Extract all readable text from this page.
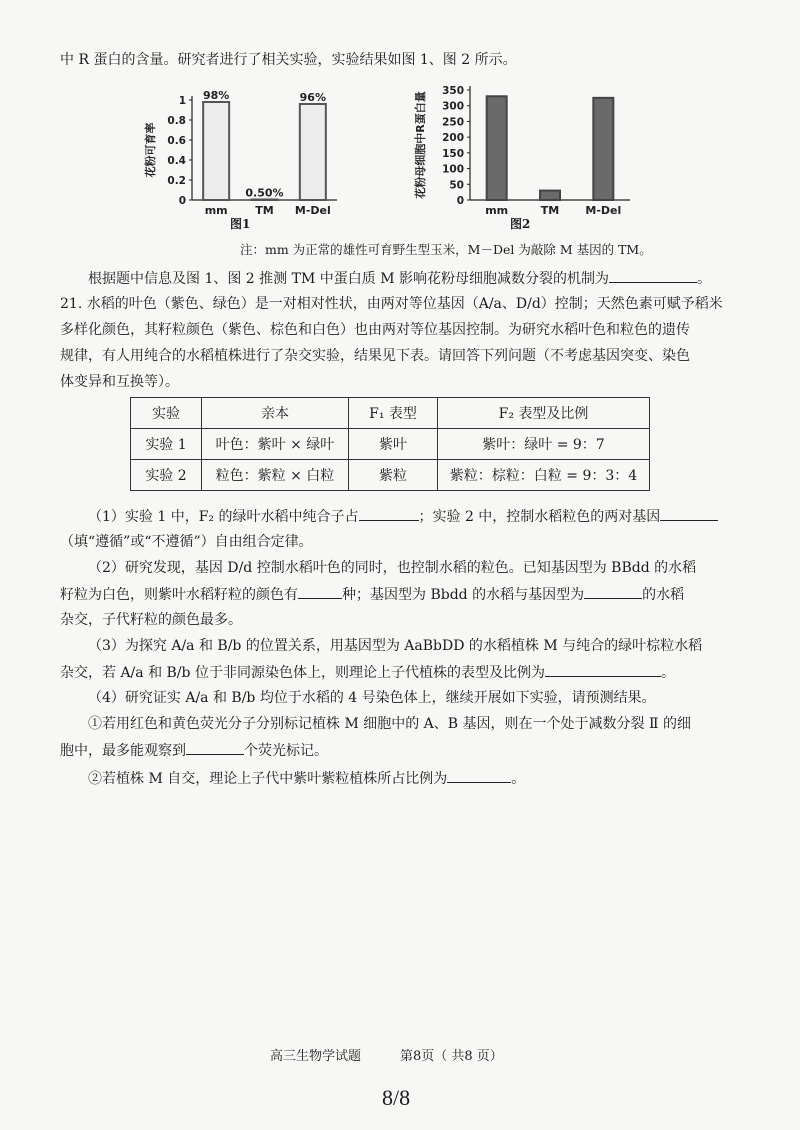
中 R 蛋白的含量。研究者进行了相关实验，实验结果如图 1、图 2 所示。
花粉可育率
0
0.2
0.4
0.6
0.8
1
mm
98%
TM
0.50%
M-Del
96%
图1
花粉母细胞中R蛋白量
0
50
100
150
200
250
300
350
mm	TM M-Del
图2
注：mm 为正常的雄性可育野生型玉米，M－Del 为敲除 M 基因的 TM。
根据题中信息及图 1、图 2 推测 TM 中蛋白质 M 影响花粉母细胞减数分裂的机制为	。
21. 水稻的叶色（紫色、绿色）是一对相对性状，由两对等位基因（A/a、D/d）控制；天然色素可赋予稻米
多样化颜色，其籽粒颜色（紫色、棕色和白色）也由两对等位基因控制。为研究水稻叶色和粒色的遗传
规律，有人用纯合的水稻植株进行了杂交实验，结果见下表。请回答下列问题（不考虑基因突变、染色
体变异和互换等）。
实验	亲本	F₁ 表型	F₂ 表型及比例
实验 1	叶色：紫叶 × 绿叶	紫叶	紫叶：绿叶 = 9：7
实验 2	粒色：紫粒 × 白粒	紫粒	紫粒：棕粒：白粒 = 9：3：4
（1）实验 1 中，F₂ 的绿叶水稻中纯合子占	；实验 2 中，控制水稻粒色的两对基因
（填“遵循”或“不遵循”）自由组合定律。
（2）研究发现，基因 D/d 控制水稻叶色的同时，也控制水稻的粒色。已知基因型为 BBdd 的水稻
籽粒为白色，则紫叶水稻籽粒的颜色有	种；基因型为 Bbdd 的水稻与基因型为	的水稻
杂交，子代籽粒的颜色最多。
（3）为探究 A/a 和 B/b 的位置关系，用基因型为 AaBbDD 的水稻植株 M 与纯合的绿叶棕粒水稻
杂交，若 A/a 和 B/b 位于非同源染色体上，则理论上子代植株的表型及比例为	。
（4）研究证实 A/a 和 B/b 均位于水稻的 4 号染色体上，继续开展如下实验，请预测结果。
①若用红色和黄色荧光分子分别标记植株 M 细胞中的 A、B 基因，则在一个处于减数分裂 Ⅱ 的细
胞中，最多能观察到	个荧光标记。
②若植株 M 自交，理论上子代中紫叶紫粒植株所占比例为	。
高三生物学试题	第8页（ 共8 页）
8/8
